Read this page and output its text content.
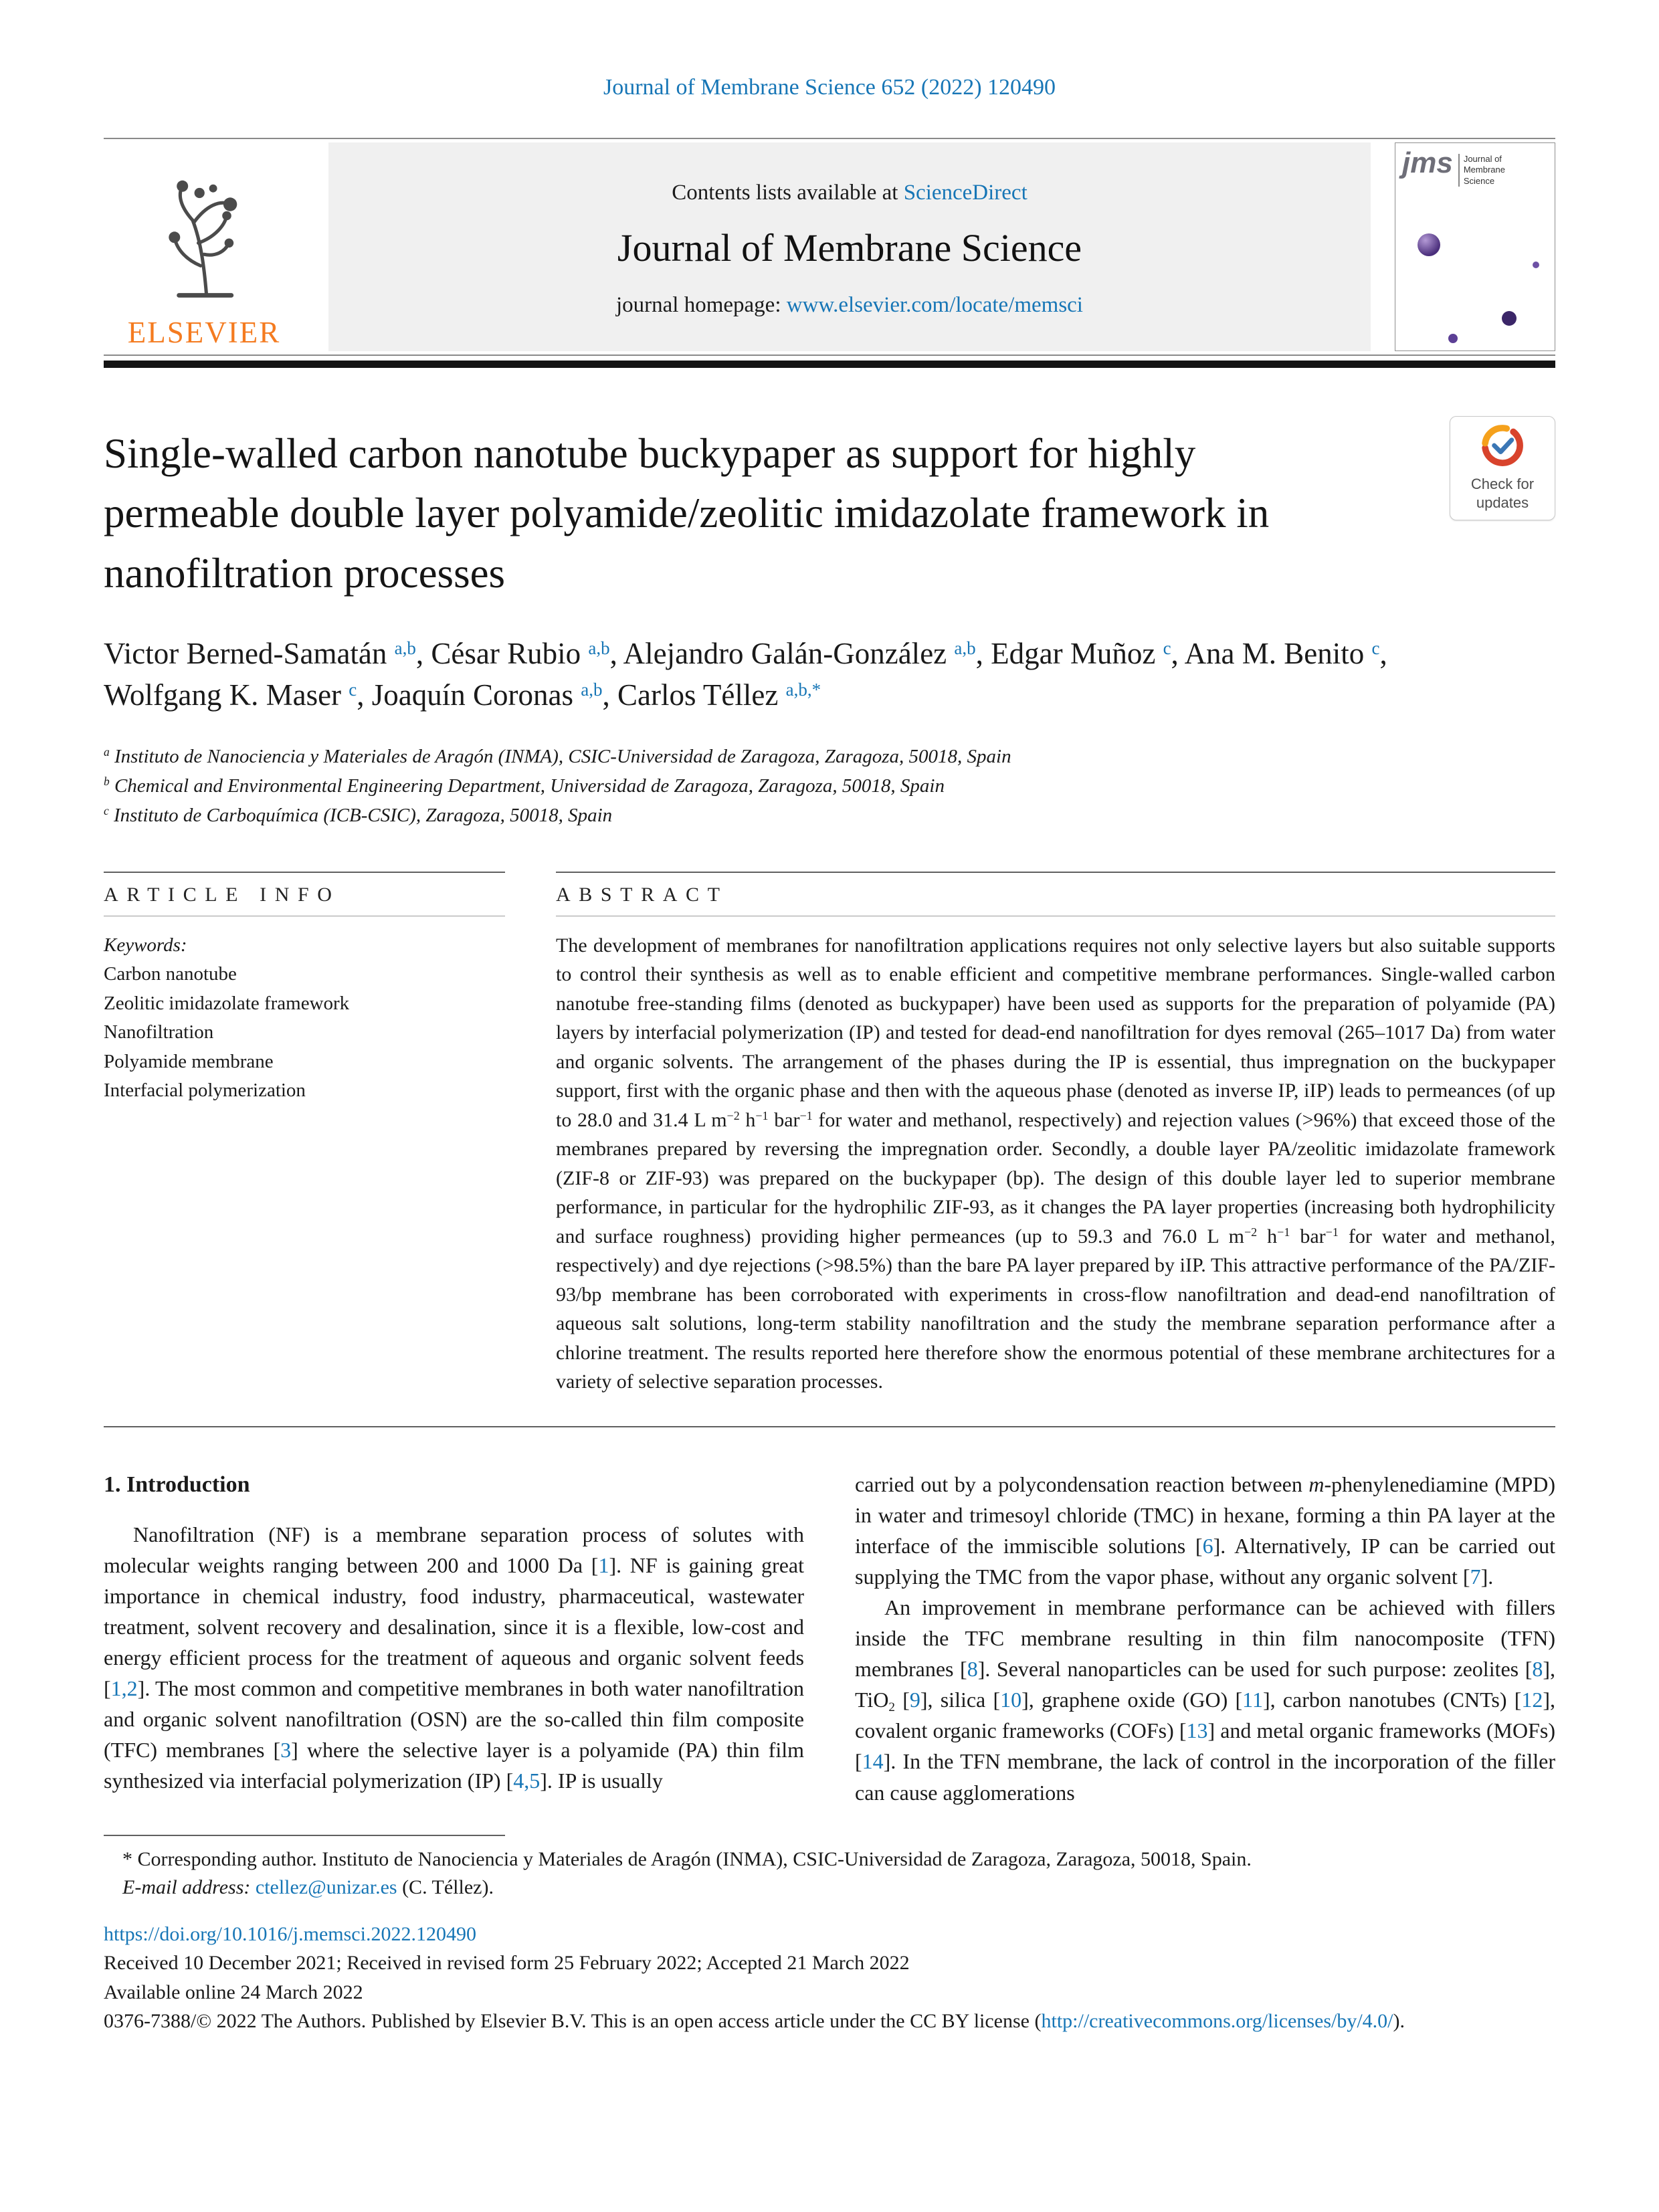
Journal of Membrane Science 652 (2022) 120490
ELSEVIER
Contents lists available at ScienceDirect
Journal of Membrane Science
journal homepage: www.elsevier.com/locate/memsci
jms	Journal of Membrane Science
Single-walled carbon nanotube buckypaper as support for highly permeable double layer polyamide/zeolitic imidazolate framework in nanofiltration processes
Check for
updates
Victor Berned-Samatán $^{a,b}$, César Rubio $^{a,b}$, Alejandro Galán-González $^{a,b}$, Edgar Muñoz $^c$, Ana M. Benito $^c$, Wolfgang K. Maser $^c$, Joaquín Coronas $^{a,b}$, Carlos Téllez $^{a,b,*}$
$^a$ Instituto de Nanociencia y Materiales de Aragón (INMA), CSIC-Universidad de Zaragoza, Zaragoza, 50018, Spain
$^b$ Chemical and Environmental Engineering Department, Universidad de Zaragoza, Zaragoza, 50018, Spain
$^c$ Instituto de Carboquímica (ICB-CSIC), Zaragoza, 50018, Spain
ARTICLE INFO
Keywords:
Carbon nanotube
Zeolitic imidazolate framework
Nanofiltration
Polyamide membrane
Interfacial polymerization
ABSTRACT
The development of membranes for nanofiltration applications requires not only selective layers but also suitable supports to control their synthesis as well as to enable efficient and competitive membrane performances. Single-walled carbon nanotube free-standing films (denoted as buckypaper) have been used as supports for the preparation of polyamide (PA) layers by interfacial polymerization (IP) and tested for dead-end nanofiltration for dyes removal (265–1017 Da) from water and organic solvents. The arrangement of the phases during the IP is essential, thus impregnation on the buckypaper support, first with the organic phase and then with the aqueous phase (denoted as inverse IP, iIP) leads to permeances (of up to 28.0 and 31.4 L $m^{-2}$ $h^{-1}$ bar$^{-1}$ for water and methanol, respectively) and rejection values (>96%) that exceed those of the membranes prepared by reversing the impregnation order. Secondly, a double layer PA/zeolitic imidazolate framework (ZIF-8 or ZIF-93) was prepared on the buckypaper (bp). The design of this double layer led to superior membrane performance, in particular for the hydrophilic ZIF-93, as it changes the PA layer properties (increasing both hydrophilicity and surface roughness) providing higher permeances (up to 59.3 and 76.0 L $m^{-2}$ $h^{-1}$ bar$^{-1}$ for water and methanol, respectively) and dye rejections (>98.5%) than the bare PA layer prepared by iIP. This attractive performance of the PA/ZIF-93/bp membrane has been corroborated with experiments in cross-flow nanofiltration and dead-end nanofiltration of aqueous salt solutions, long-term stability nanofiltration and the study the membrane separation performance after a chlorine treatment. The results reported here therefore show the enormous potential of these membrane architectures for a variety of selective separation processes.
1. Introduction

Nanofiltration (NF) is a membrane separation process of solutes with molecular weights ranging between 200 and 1000 Da [1]. NF is gaining great importance in chemical industry, food industry, pharmaceutical, wastewater treatment, solvent recovery and desalination, since it is a flexible, low-cost and energy efficient process for the treatment of aqueous and organic solvent feeds [1,2]. The most common and competitive membranes in both water nanofiltration and organic solvent nanofiltration (OSN) are the so-called thin film composite (TFC) membranes [3] where the selective layer is a polyamide (PA) thin film synthesized via interfacial polymerization (IP) [4,5]. IP is usually

carried out by a polycondensation reaction between m-phenylenediamine (MPD) in water and trimesoyl chloride (TMC) in hexane, forming a thin PA layer at the interface of the immiscible solutions [6]. Alternatively, IP can be carried out supplying the TMC from the vapor phase, without any organic solvent [7].

An improvement in membrane performance can be achieved with fillers inside the TFC membrane resulting in thin film nanocomposite (TFN) membranes [8]. Several nanoparticles can be used for such purpose: zeolites [8], TiO$_2$ [9], silica [10], graphene oxide (GO) [11], carbon nanotubes (CNTs) [12], covalent organic frameworks (COFs) [13] and metal organic frameworks (MOFs) [14]. In the TFN membrane, the lack of control in the incorporation of the filler can cause agglomerations

* Corresponding author. Instituto de Nanociencia y Materiales de Aragón (INMA), CSIC-Universidad de Zaragoza, Zaragoza, 50018, Spain.
E-mail address: ctellez@unizar.es (C. Téllez).
https://doi.org/10.1016/j.memsci.2022.120490
Received 10 December 2021; Received in revised form 25 February 2022; Accepted 21 March 2022
Available online 24 March 2022
0376-7388/© 2022 The Authors. Published by Elsevier B.V. This is an open access article under the CC BY license (http://creativecommons.org/licenses/by/4.0/).
